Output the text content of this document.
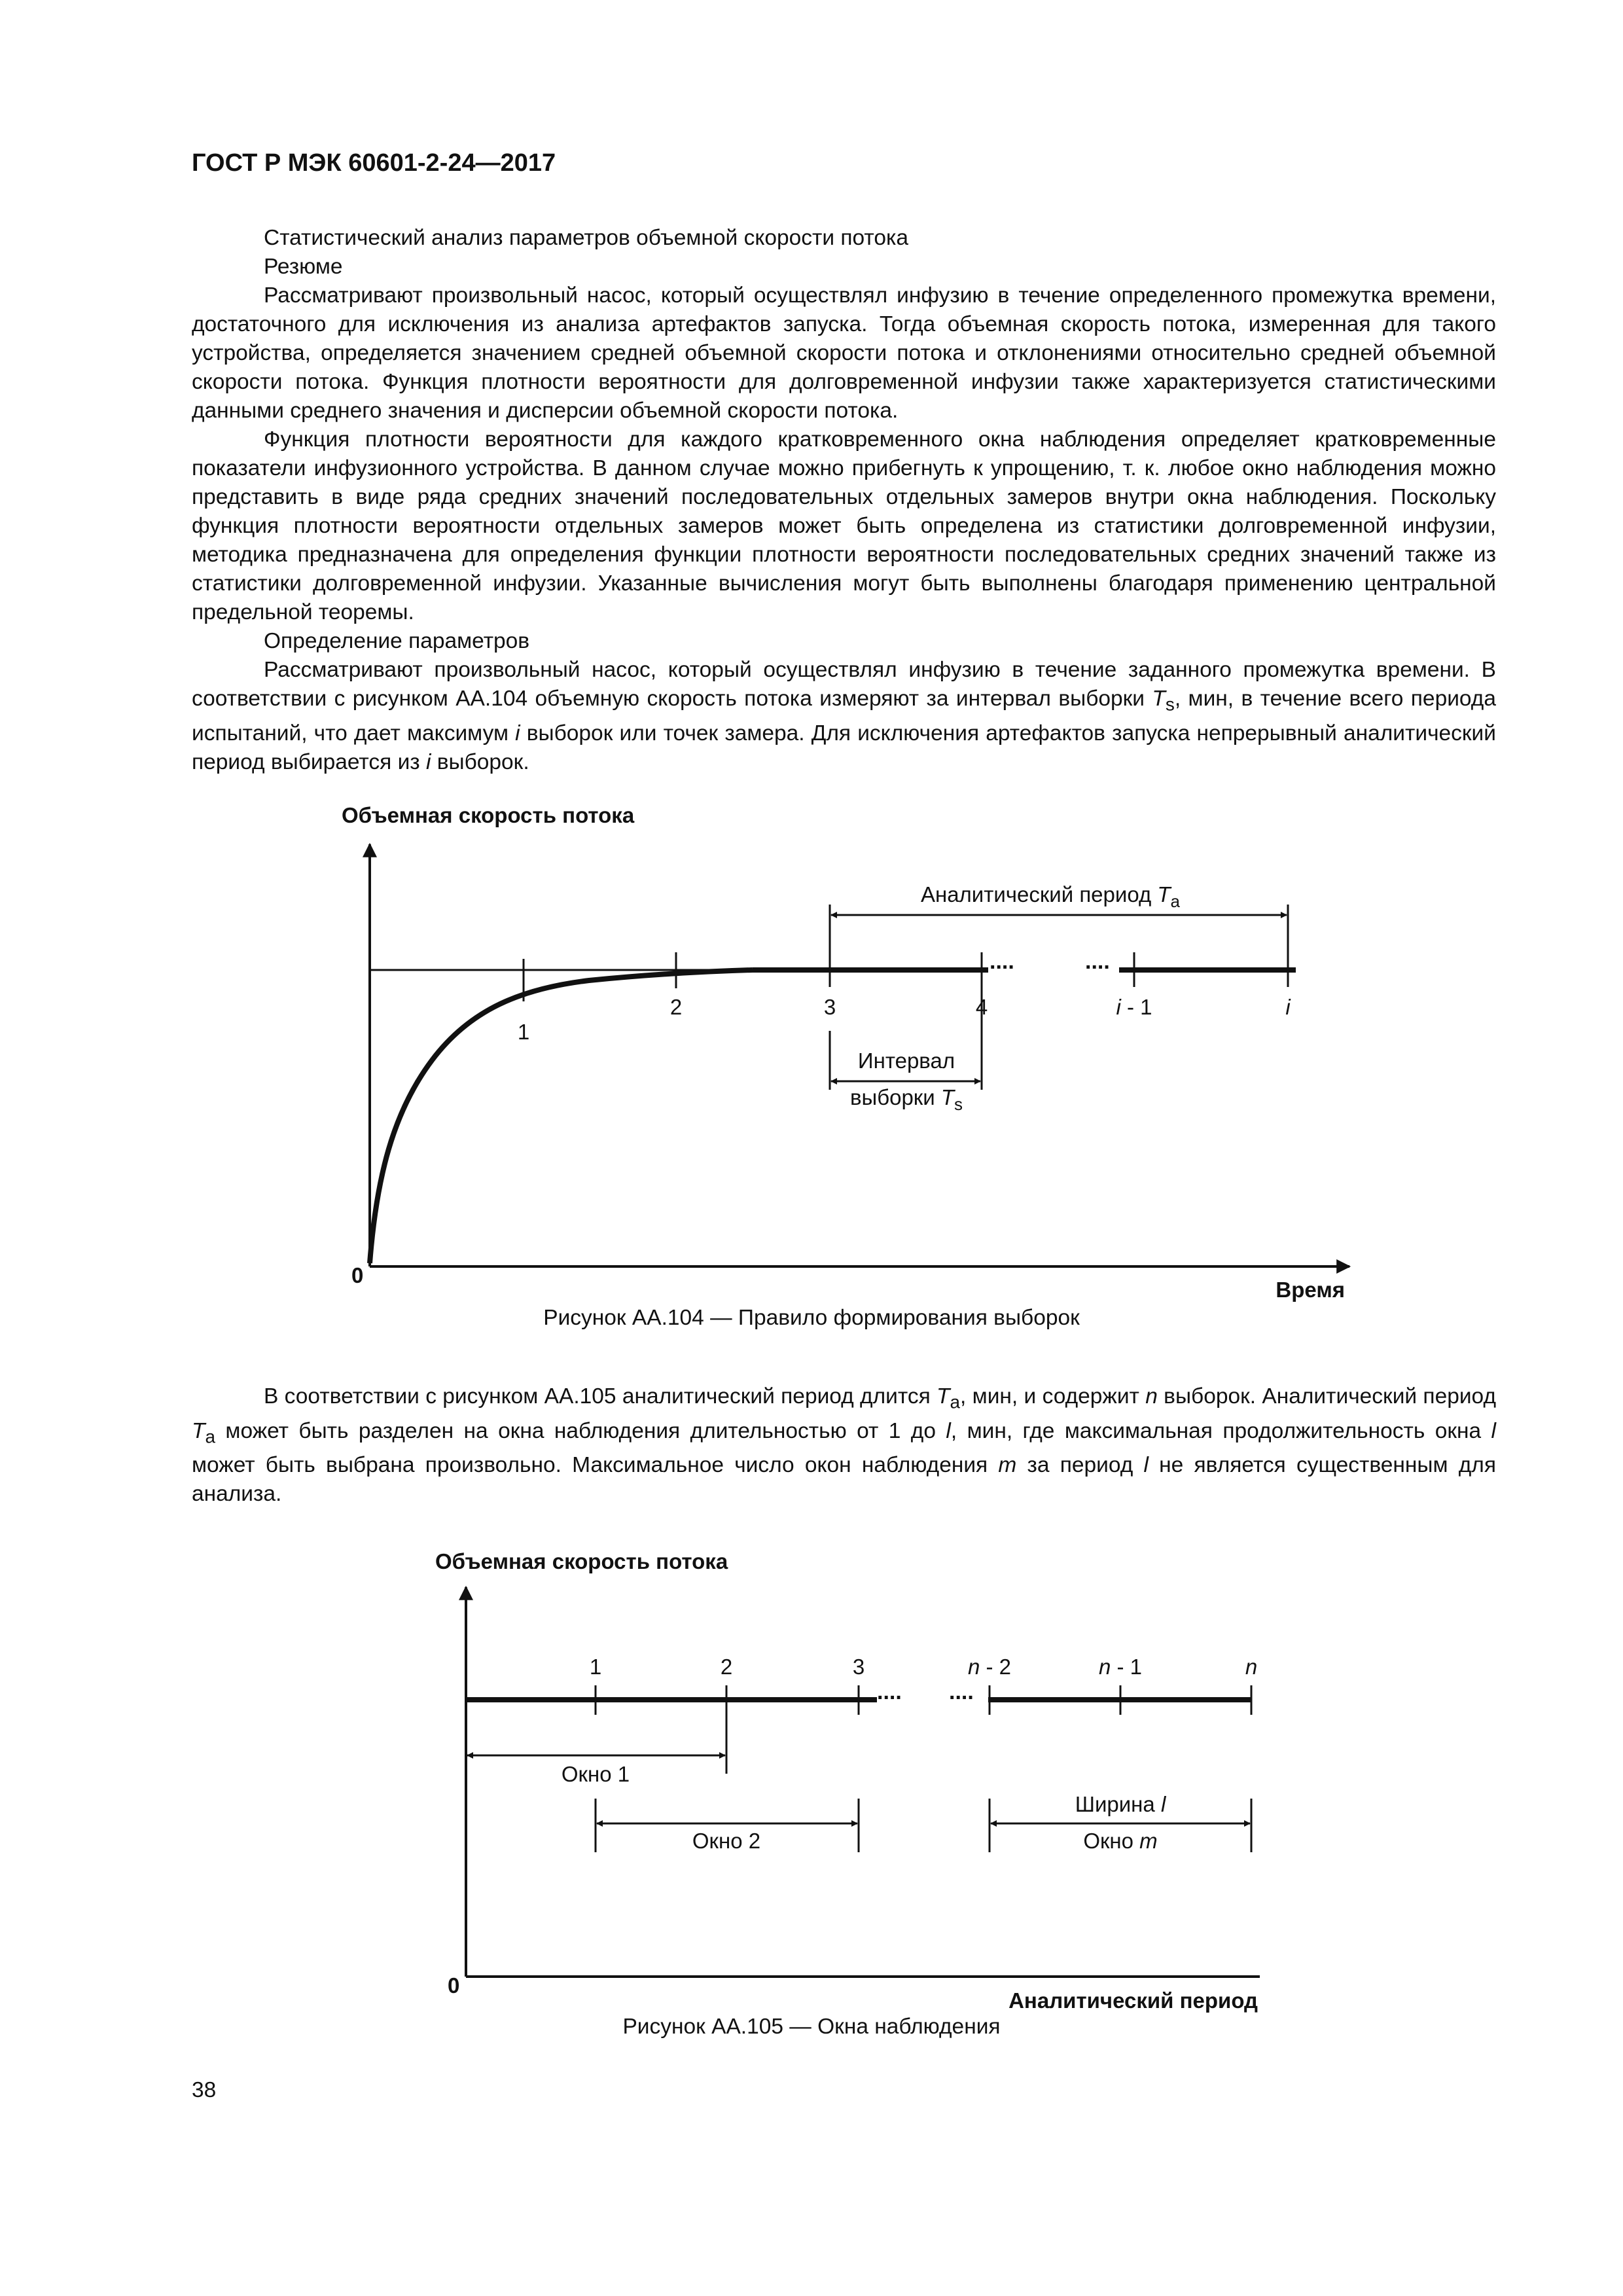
ГОСТ Р МЭК 60601-2-24—2017

Статистический анализ параметров объемной скорости потока

Резюме

Рассматривают произвольный насос, который осуществлял инфузию в течение определенного промежутка времени, достаточного для исключения из анализа артефактов запуска. Тогда объемная скорость потока, измеренная для такого устройства, определяется значением средней объемной скорости потока и отклонениями относительно средней объемной скорости потока. Функция плотности вероятности для долговременной инфузии также характеризуется статистическими данными среднего значения и дисперсии объемной скорости потока.

Функция плотности вероятности для каждого кратковременного окна наблюдения определяет кратковременные показатели инфузионного устройства. В данном случае можно прибегнуть к упрощению, т. к. любое окно наблюдения можно представить в виде ряда средних значений последовательных отдельных замеров внутри окна наблюдения. Поскольку функция плотности вероятности отдельных замеров может быть определена из статистики долговременной инфузии, методика предназначена для определения функции плотности вероятности последовательных средних значений также из статистики долговременной инфузии. Указанные вычисления могут быть выполнены благодаря применению центральной предельной теоремы.

Определение параметров

Рассматривают произвольный насос, который осуществлял инфузию в течение заданного промежутка времени. В соответствии с рисунком АА.104 объемную скорость потока измеряют за интервал выборки $T_s$, мин, в течение всего периода испытаний, что дает максимум i выборок или точек замера. Для исключения артефактов запуска непрерывный аналитический период выбирается из i выборок.

Объемная скорость потока
0
Время
....	....
1
2	3	4	i - 1	i
Аналитический период $T_a$
Интервал
выборки $T_s$
Рисунок АА.104 — Правило формирования выборок

В соответствии с рисунком АА.105 аналитический период длится $T_a$, мин, и содержит n выборок. Аналитический период $T_a$ может быть разделен на окна наблюдения длительностью от 1 до l, мин, где максимальная продолжительность окна l может быть выбрана произвольно. Максимальное число окон наблюдения m за период l не является существенным для анализа.

Объемная скорость потока
0
Аналитический период
.... ....
1	2	3	n - 2	n - 1	n
Окно 1
Окно 2
Ширина l
Окно m
Рисунок АА.105 — Окна наблюдения
38
